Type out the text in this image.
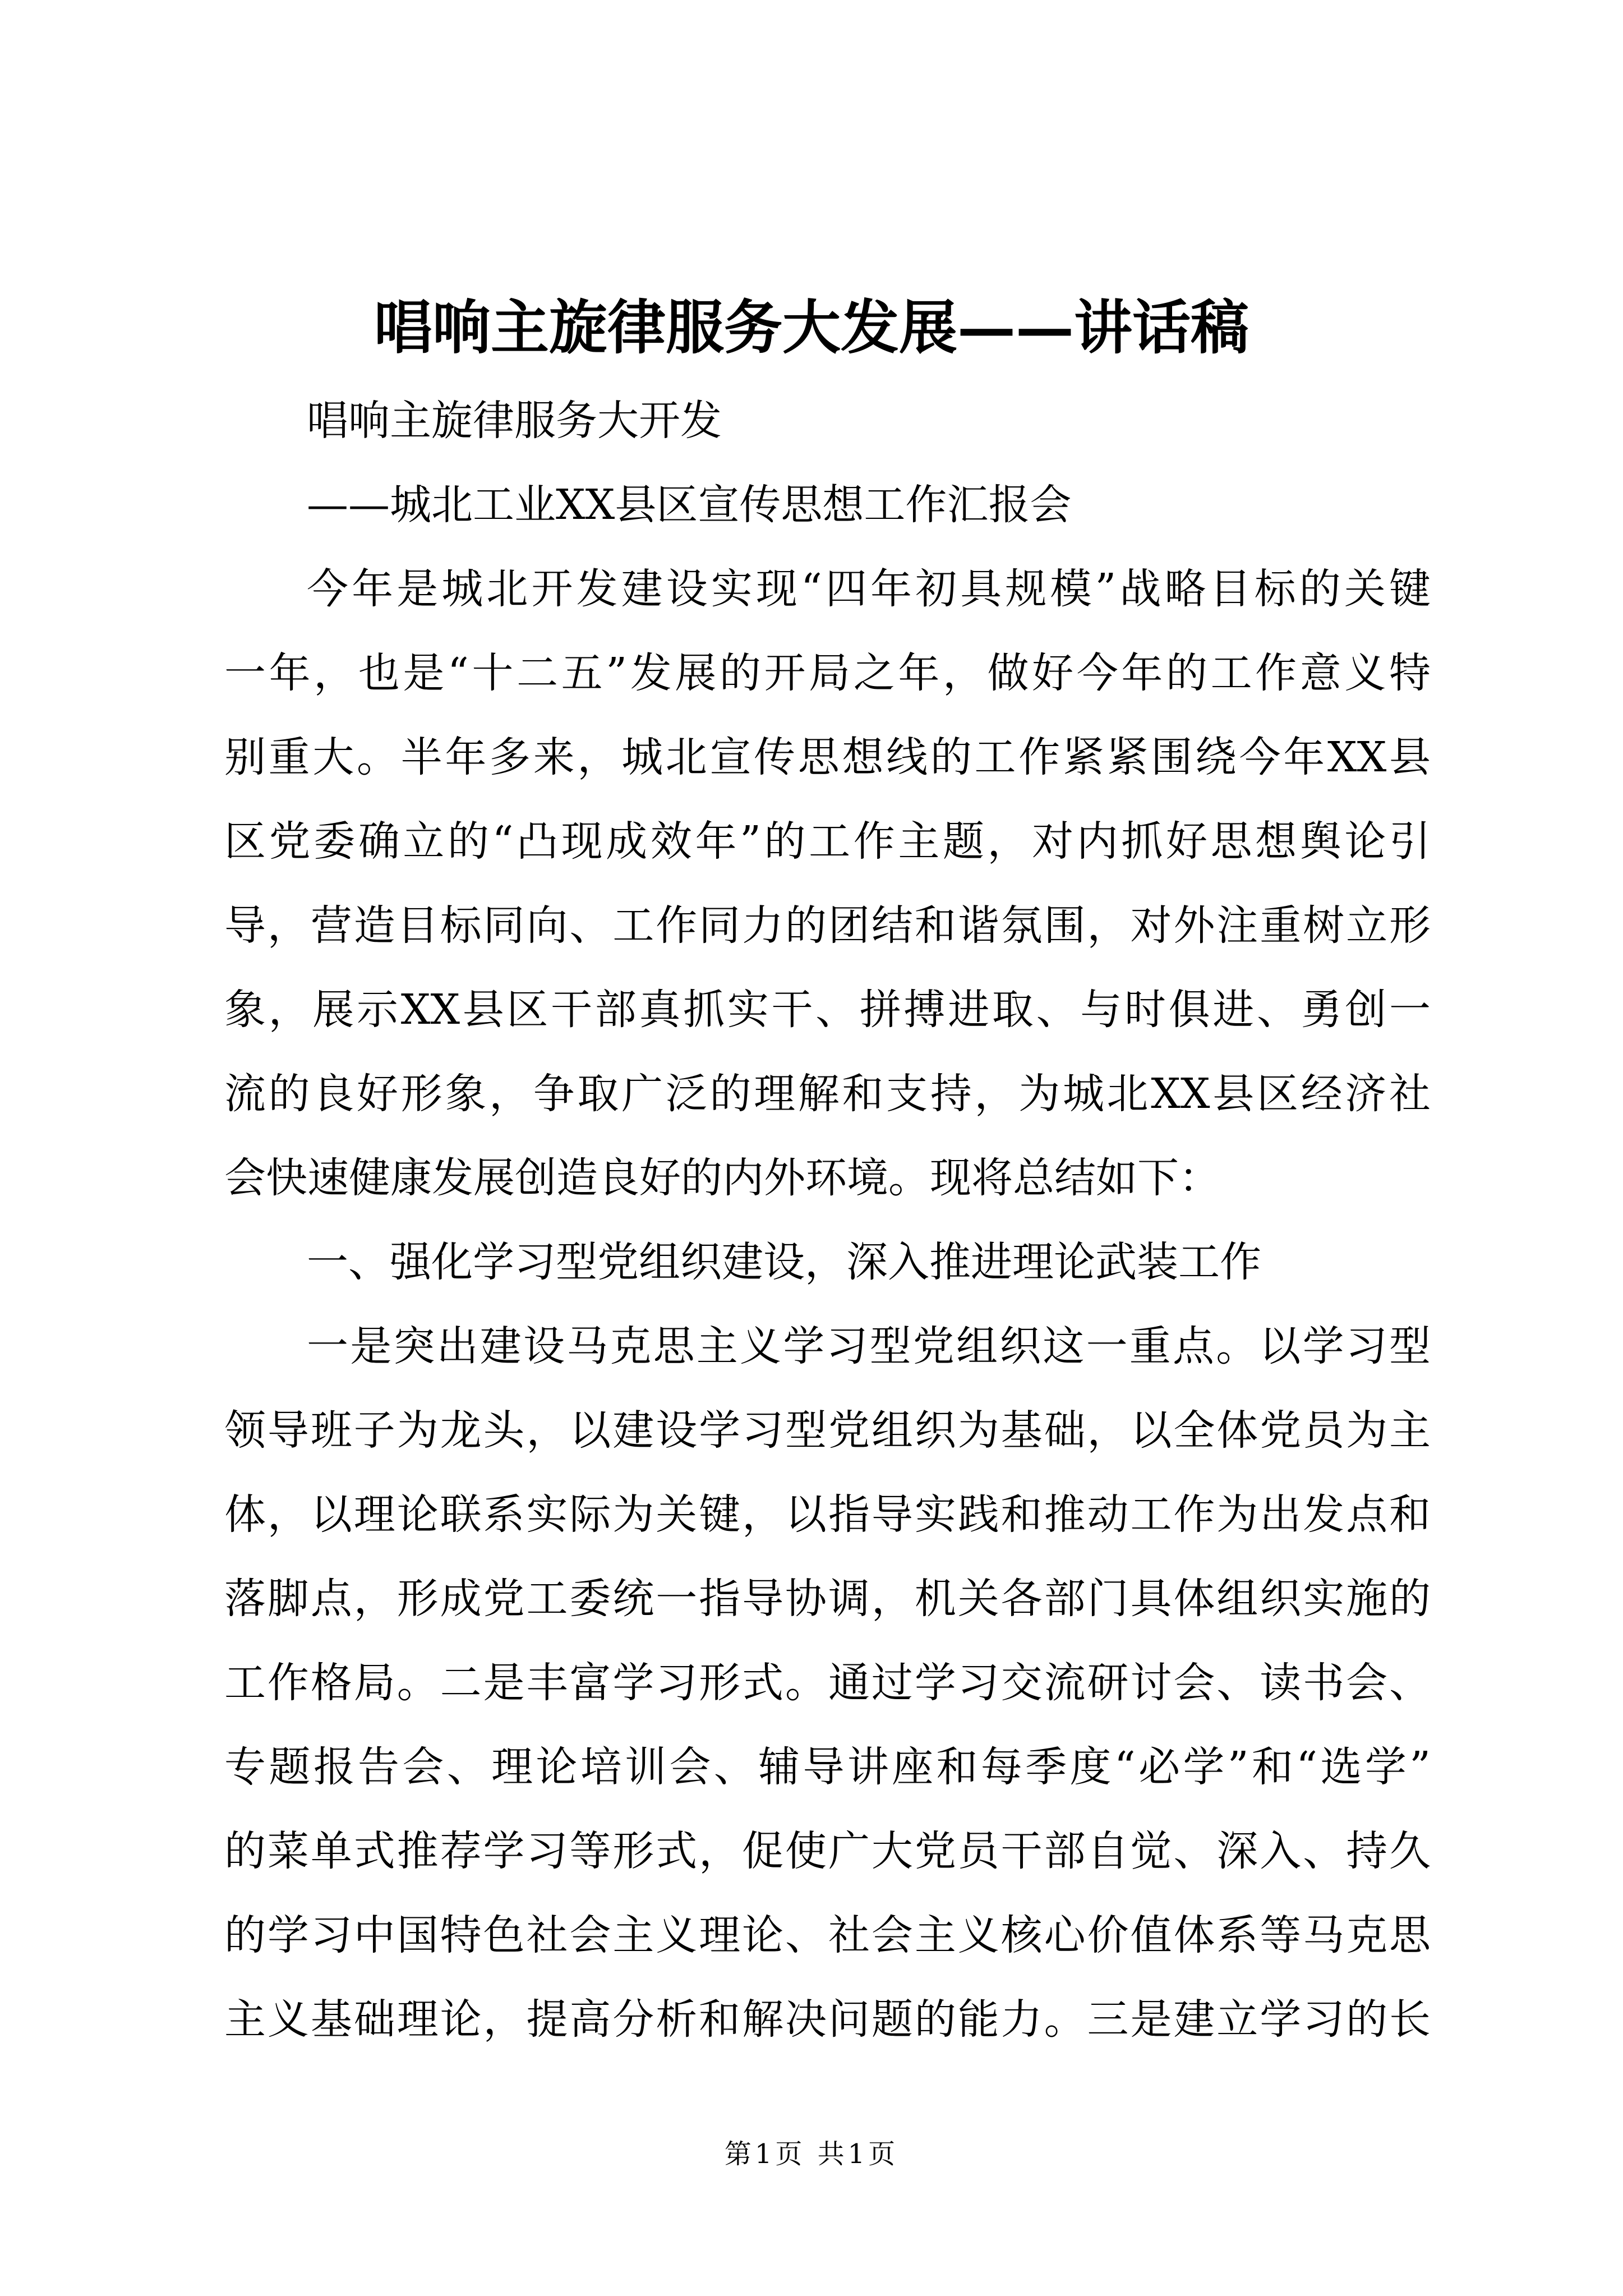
唱响主旋律服务大发展——讲话稿
唱响主旋律服务大开发
——城北工业XX县区宣传思想工作汇报会
今年是城北开发建设实现“四年初具规模”战略目标的关键
一年，也是“十二五”发展的开局之年，做好今年的工作意义特
别重大。半年多来，城北宣传思想线的工作紧紧围绕今年XX县
区党委确立的“凸现成效年”的工作主题，对内抓好思想舆论引
导，营造目标同向、工作同力的团结和谐氛围，对外注重树立形
象，展示XX县区干部真抓实干、拼搏进取、与时俱进、勇创一
流的良好形象，争取广泛的理解和支持，为城北XX县区经济社
会快速健康发展创造良好的内外环境。现将总结如下：
一、强化学习型党组织建设，深入推进理论武装工作
一是突出建设马克思主义学习型党组织这一重点。以学习型
领导班子为龙头，以建设学习型党组织为基础，以全体党员为主
体，以理论联系实际为关键，以指导实践和推动工作为出发点和
落脚点，形成党工委统一指导协调，机关各部门具体组织实施的
工作格局。二是丰富学习形式。通过学习交流研讨会、读书会、
专题报告会、理论培训会、辅导讲座和每季度“必学”和“选学”
的菜单式推荐学习等形式，促使广大党员干部自觉、深入、持久
的学习中国特色社会主义理论、社会主义核心价值体系等马克思
主义基础理论，提高分析和解决问题的能力。三是建立学习的长
第1页 共1页
